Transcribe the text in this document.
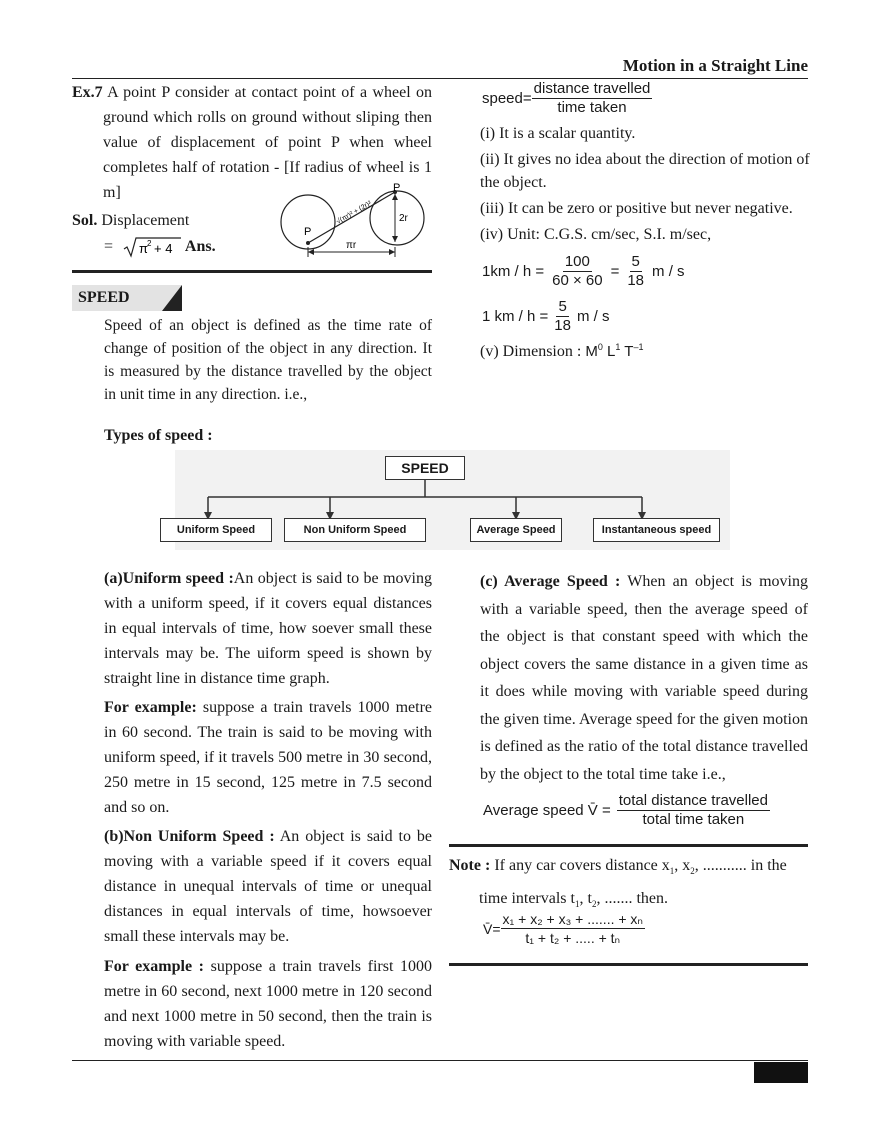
Motion in a Straight Line
Ex.7 A point P consider at contact point of a wheel on ground which rolls on ground without sliping then value of displacement of point P when wheel completes half of rotation - [If radius of wheel is 1 m]
Sol. Displacement
= π 2 + 4 Ans.
P
P
2r
πr
√(πr)² + (2r)²
SPEED
Speed of an object is defined as the time rate of change of position of the object in any direction. It is measured by the distance travelled by the object in unit time in any direction. i.e.,
Types of speed :
speed= $\frac{\text{distance travelled}}{\text{time taken}}$
(i) It is a scalar quantity.
(ii) It gives no idea about the direction of motion of the object.
(iii) It can be zero or positive but never negative.
(iv) Unit: C.G.S. cm/sec, S.I. m/sec,
$1km / h = \frac{100}{60 \times 60} = \frac{5}{18}$ m / s
1 km / $h = \frac{5}{18}$ m / s
(v) Dimension : $M^0$ $L^1$ $T^{-1}$
SPEED
Uniform Speed	Non Uniform Speed	Average Speed	Instantaneous speed
(a)Uniform speed :An object is said to be moving with a uniform speed, if it covers equal distances in equal intervals of time, how soever small these intervals may be. The uiform speed is shown by straight line in distance time graph.
For example: suppose a train travels 1000 metre in 60 second. The train is said to be moving with uniform speed, if it travels 500 metre in 30 second, 250 metre in 15 second, 125 metre in 7.5 second and so on.
(b)Non Uniform Speed : An object is said to be moving with a variable speed if it covers equal distance in unequal intervals of time or unequal distances in equal intervals of time, howsoever small these intervals may be.
For example : suppose a train travels first 1000 metre in 60 second, next 1000 metre in 120 second and next 1000 metre in 50 second, then the train is moving with variable speed.
(c) Average Speed : When an object is moving with a variable speed, then the average speed of the object is that constant speed with which the object covers the same distance in a given time as it does while moving with variable speed during the given time. Average speed for the given motion is defined as the ratio of the total distance travelled by the object to the total time take i.e.,
Average speed V̄ = $\frac{\text{total distance travelled}}{\text{total time taken}}$
Note : If any car covers distance $x_1$, $x_2$, ........... in the time intervals $t_1$, $t_2$, ....... then.
V̄= $\frac{\text{x₁ + x₂ + x₃ + ....... + xₙ}}{\text{t₁ + t₂ + ..... + tₙ}}$
